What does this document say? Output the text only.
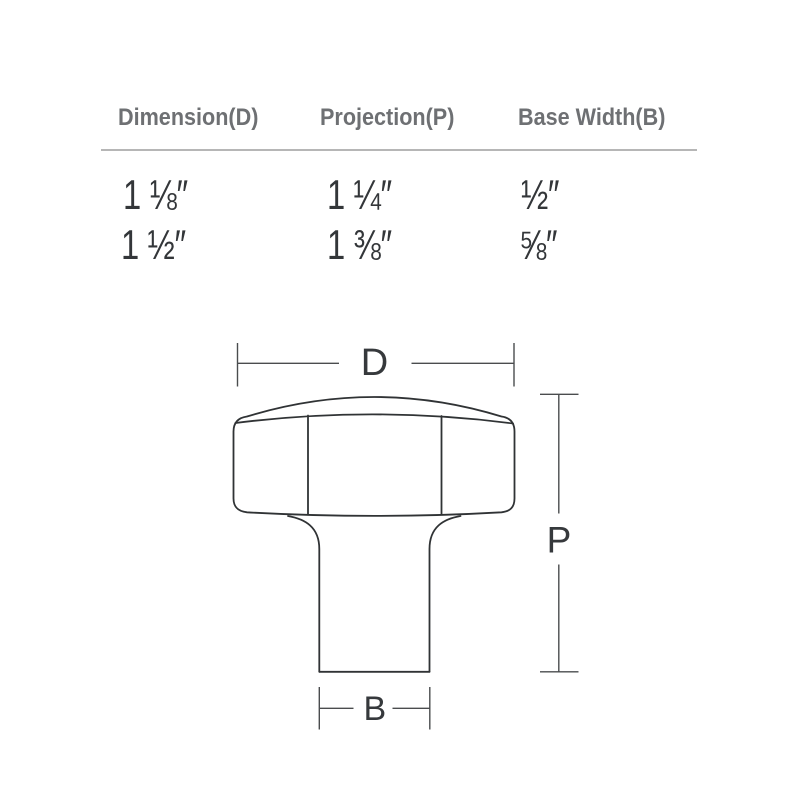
Dimension(D)	Projection(P)	Base Width(B)
1 ⅛″	1 ¼″	½″
1 ½″	1 ⅜″	⅝″
D
P
B
